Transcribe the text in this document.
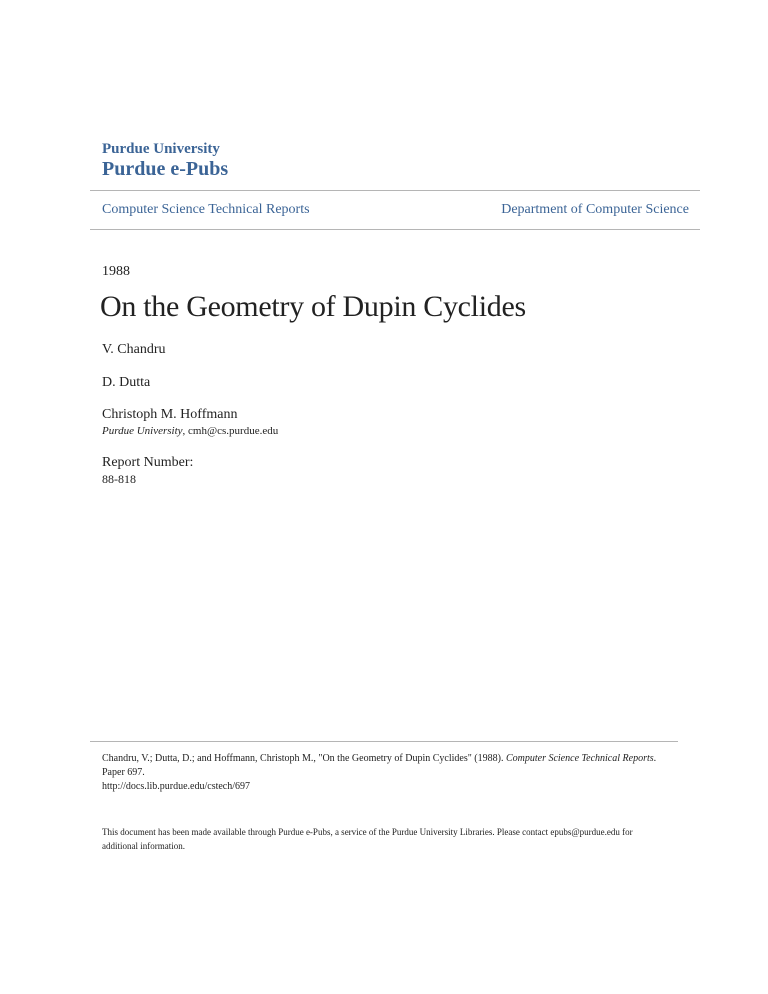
Purdue University
Purdue e-Pubs
Computer Science Technical Reports	Department of Computer Science
1988
On the Geometry of Dupin Cyclides
V. Chandru
D. Dutta
Christoph M. Hoffmann
Purdue University, cmh@cs.purdue.edu
Report Number:
88-818
Chandru, V.; Dutta, D.; and Hoffmann, Christoph M., "On the Geometry of Dupin Cyclides" (1988). Computer Science Technical Reports. Paper 697.
http://docs.lib.purdue.edu/cstech/697
This document has been made available through Purdue e-Pubs, a service of the Purdue University Libraries. Please contact epubs@purdue.edu for additional information.
